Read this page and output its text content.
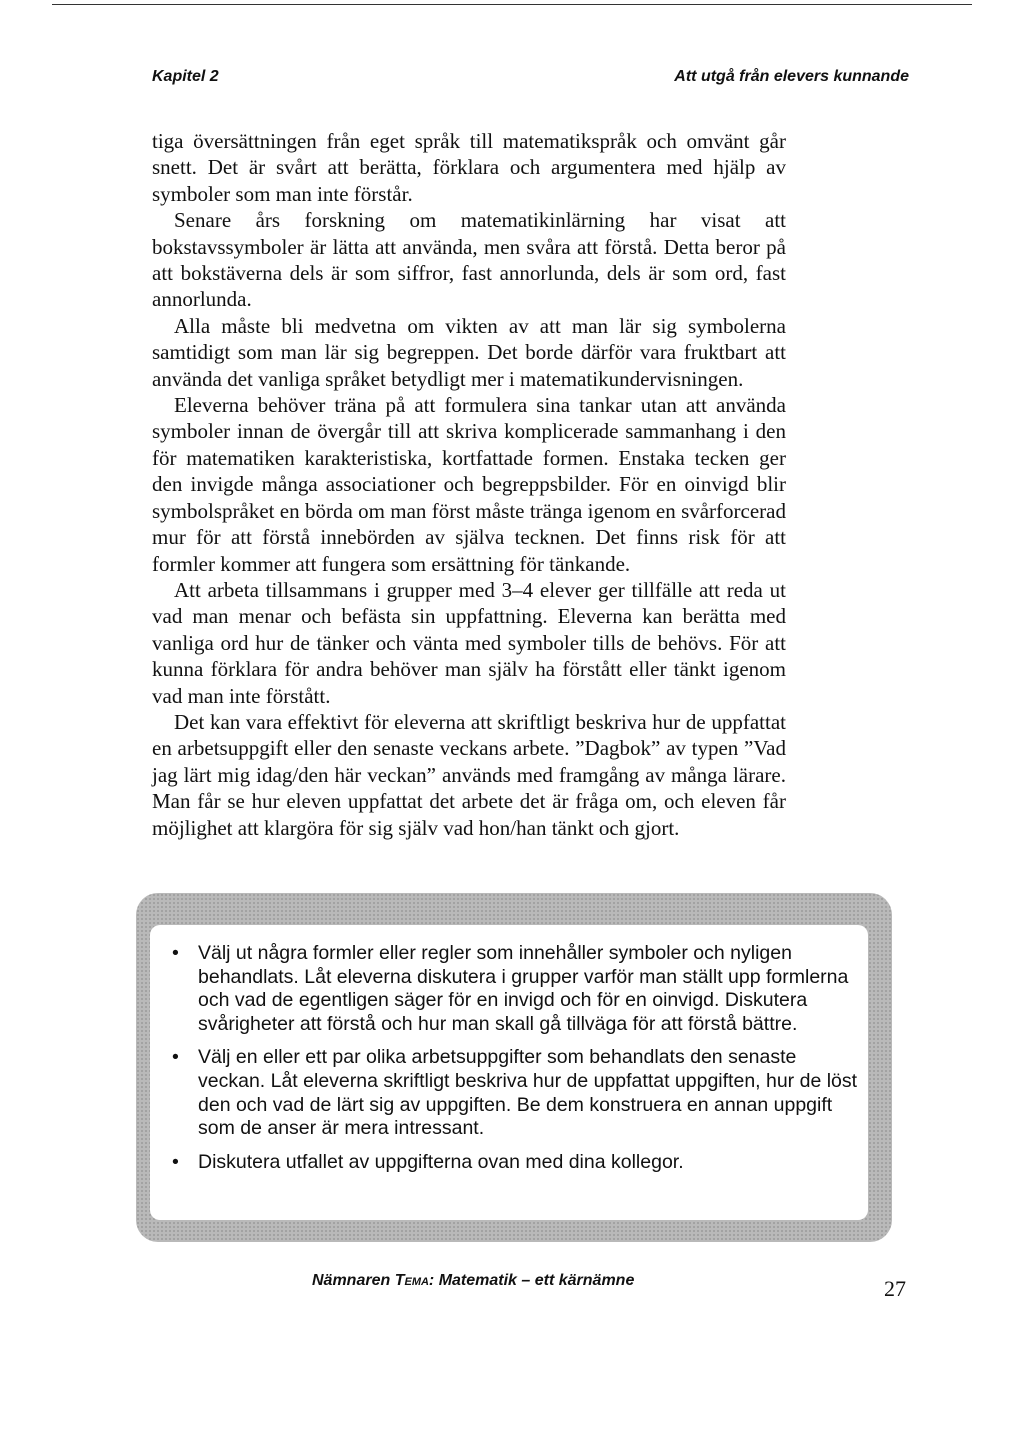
Kapitel 2	Att utgå från elevers kunnande

tiga översättningen från eget språk till matematikspråk och omvänt går snett. Det är svårt att berätta, förklara och argumentera med hjälp av symboler som man inte förstår.

Senare års forskning om matematikinlärning har visat att bokstavssymboler är lätta att använda, men svåra att förstå. Detta beror på att bokstäverna dels är som siffror, fast annorlunda, dels är som ord, fast annorlunda.

Alla måste bli medvetna om vikten av att man lär sig symbolerna samtidigt som man lär sig begreppen. Det borde därför vara fruktbart att använda det vanliga språket betydligt mer i matematikundervisningen.

Eleverna behöver träna på att formulera sina tankar utan att använda symboler innan de övergår till att skriva komplicerade sammanhang i den för matematiken karakteristiska, kortfattade formen. Enstaka tecken ger den invigde många associationer och begreppsbilder. För en oinvigd blir symbolspråket en börda om man först måste tränga igenom en svårforcerad mur för att förstå innebörden av själva tecknen. Det finns risk för att formler kommer att fungera som ersättning för tänkande.

Att arbeta tillsammans i grupper med 3–4 elever ger tillfälle att reda ut vad man menar och befästa sin uppfattning. Eleverna kan berätta med vanliga ord hur de tänker och vänta med symboler tills de behövs. För att kunna förklara för andra behöver man själv ha förstått eller tänkt igenom vad man inte förstått.

Det kan vara effektivt för eleverna att skriftligt beskriva hur de uppfattat en arbetsuppgift eller den senaste veckans arbete. ”Dagbok” av typen ”Vad jag lärt mig idag/den här veckan” används med framgång av många lärare. Man får se hur eleven uppfattat det arbete det är fråga om, och eleven får möjlighet att klargöra för sig själv vad hon/han tänkt och gjort.

• Välj ut några formler eller regler som innehåller symboler och nyligen behandlats. Låt eleverna diskutera i grupper varför man ställt upp formlerna och vad de egentligen säger för en invigd och för en oinvigd. Diskutera svårigheter att förstå och hur man skall gå tillväga för att förstå bättre.
• Välj en eller ett par olika arbetsuppgifter som behandlats den senaste veckan. Låt eleverna skriftligt beskriva hur de uppfattat uppgiften, hur de löst den och vad de lärt sig av uppgiften. Be dem konstruera en annan uppgift som de anser är mera intressant.
• Diskutera utfallet av uppgifterna ovan med dina kollegor.
Nämnaren Tema: Matematik – ett kärnämne	27
